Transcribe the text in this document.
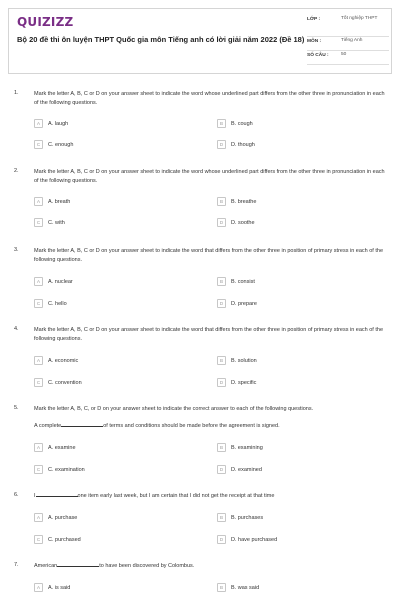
QUIZIZZ
Bộ 20 đề thi ôn luyện THPT Quốc gia môn Tiếng anh có lời giải năm 2022 (Đề 18)
LỚP :	Tốt nghiệp THPT
MÔN :	Tiếng Anh
SỐ CÂU :	50
1.	Mark the letter A, B, C or D on your answer sheet to indicate the word whose underlined part differs from the other three in pronunciation in each of the following questions.
A	A. laugh	B	B. cough
C	C. enough	D	D. though
2.	Mark the letter A, B, C or D on your answer sheet to indicate the word whose underlined part differs from the other three in pronunciation in each of the following questions.
A	A. breath	B	B. breathe
C	C. with	D	D. soothe
3.	Mark the letter A, B, C or D on your answer sheet to indicate the word that differs from the other three in position of primary stress in each of the following questions.
A	A. nuclear	B	B. consist
C	C. hello	D	D. prepare
4.	Mark the letter A, B, C or D on your answer sheet to indicate the word that differs from the other three in position of primary stress in each of the following questions.
A	A. economic	B	B. solution
C	C. convention	D	D. specific
5.	Mark the letter A, B, C, or D on your answer sheet to indicate the correct answer to each of the following questions.
A complete	of terms and conditions should be made before the agreement is signed.
A	A. examine	B	B. examining
C	C. examination	D	D. examined
6.	I	one item early last week, but I am certain that I did not get the receipt at that time
A	A. purchase	B	B. purchases
C	C. purchased	D	D. have purchased
7.	American	to have been discovered by Colombus.
A	A. is said	B	B. was said
